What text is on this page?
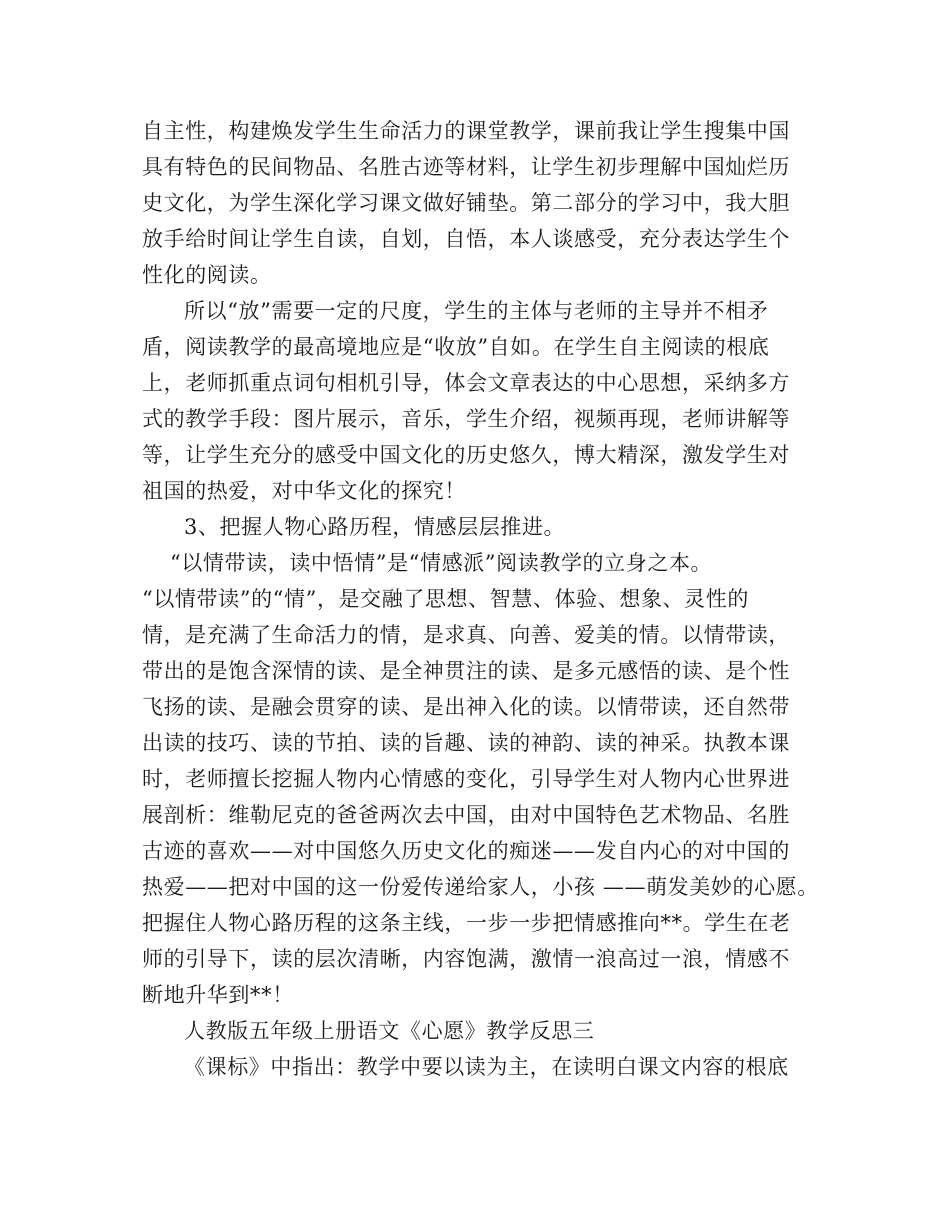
自主性，构建焕发学生生命活力的课堂教学，课前我让学生搜集中国
具有特色的民间物品、名胜古迹等材料，让学生初步理解中国灿烂历
史文化，为学生深化学习课文做好铺垫。第二部分的学习中，我大胆
放手给时间让学生自读，自划，自悟，本人谈感受，充分表达学生个
性化的阅读。
所以“放”需要一定的尺度，学生的主体与老师的主导并不相矛
盾，阅读教学的最高境地应是“收放”自如。在学生自主阅读的根底
上，老师抓重点词句相机引导，体会文章表达的中心思想，采纳多方
式的教学手段：图片展示，音乐，学生介绍，视频再现，老师讲解等
等，让学生充分的感受中国文化的历史悠久，博大精深，激发学生对
祖国的热爱，对中华文化的探究！
3、把握人物心路历程，情感层层推进。
“以情带读，读中悟情”是“情感派”阅读教学的立身之本。
“以情带读”的“情”，是交融了思想、智慧、体验、想象、灵性的
情，是充满了生命活力的情，是求真、向善、爱美的情。以情带读，
带出的是饱含深情的读、是全神贯注的读、是多元感悟的读、是个性
飞扬的读、是融会贯穿的读、是出神入化的读。以情带读，还自然带
出读的技巧、读的节拍、读的旨趣、读的神韵、读的神采。执教本课
时，老师擅长挖掘人物内心情感的变化，引导学生对人物内心世界进
展剖析：维勒尼克的爸爸两次去中国，由对中国特色艺术物品、名胜
古迹的喜欢——对中国悠久历史文化的痴迷——发自内心的对中国的
热爱——把对中国的这一份爱传递给家人，小孩 ——萌发美妙的心愿。
把握住人物心路历程的这条主线，一步一步把情感推向**。学生在老
师的引导下，读的层次清晰，内容饱满，激情一浪高过一浪，情感不
断地升华到**！
人教版五年级上册语文《心愿》教学反思三
《课标》中指出：教学中要以读为主，在读明白课文内容的根底
